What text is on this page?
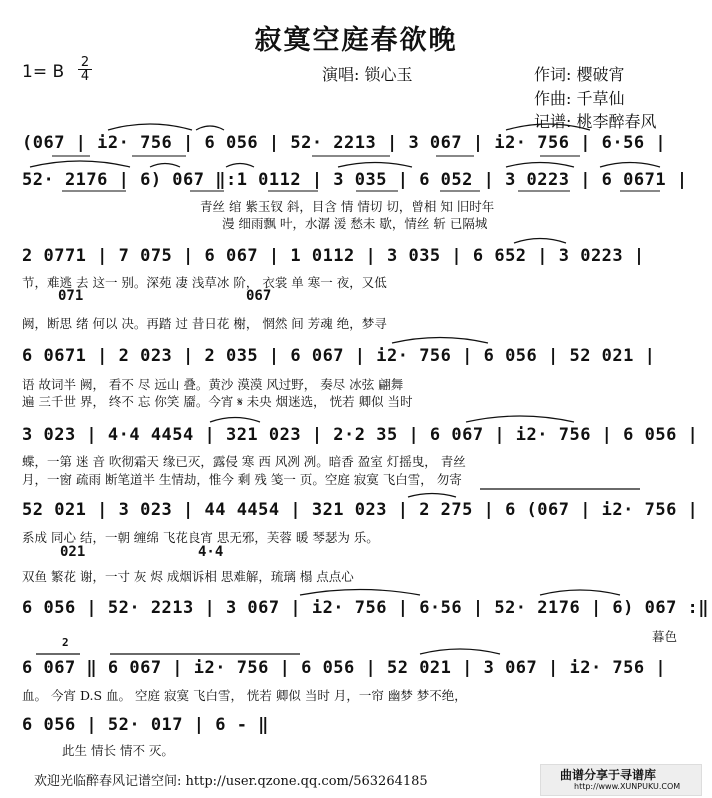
寂寞空庭春欲晚
1= B 2
4	演唱: 锁心玉	作词: 樱破宵
作曲: 千草仙
记谱: 桃李醉春风
(067 | i2· 756 | 6 056 | 52· 2213 | 3 067 | i2· 756 | 6·56 |
52· 2176 | 6) 067 ‖:1 0112 | 3 035 | 6 052 | 3 0223 | 6 0671 |
青丝 绾 紫玉钗 斜，目含 情 情切 切，曾相 知 旧时年
漫 细雨飘 叶，水潺 湲 愁未 歇，情丝 斩 已隔城
2 0771 | 7 075 | 6 067 | 1 0112 | 3 035 | 6 652 | 3 0223 |
节，难逃 去 这一 别。深苑 凄 浅草冰 阶， 衣裳 单 寒一 夜，又低
071	067
阙，断思 绪 何以 决。再踏 过 昔日花 榭， 惘然 间 芳魂 绝，梦寻
6 0671 | 2 023 | 2 035 | 6 067 | i2· 756 | 6 056 | 52 021 |
语 故词半 阙， 看不 尽 远山 叠。黄沙 漠漠 风过野， 奏尽 冰弦 翩舞
遍 三千世 界， 终不 忘 你笑 靥。今宵 𝄋 未央 烟迷选， 恍若 卿似 当时
3 023 | 4·4 4454 | 321 023 | 2·2 35 | 6 067 | i2· 756 | 6 056 |
蝶，一第 迷 音 吹彻霜天 缘已灭，露侵 寒 西 风冽 冽。暗香 盈室 灯摇曳， 青丝
月，一窗 疏雨 断笔道半 生情劫，惟今 剩 残 笺一 页。空庭 寂寞 飞白雪， 勿寄
52 021 | 3 023 | 44 4454 | 321 023 | 2 275 | 6 (067 | i2· 756 |
系成 同心 结，一朝 缠绵 飞花良宵 思无邪，芙蓉 暖 琴瑟为 乐。
021	4·4
双鱼 繁花 谢，一寸 灰 烬 成烟诉相 思难解，琉璃 榻 点点心
6 056 | 52· 2213 | 3 067 | i2· 756 | 6·56 | 52· 2176 | 6) 067 :‖
暮色
2
6 067 ‖ 6 067 | i2· 756 | 6 056 | 52 021 | 3 067 | i2· 756 |
血。 今宵 D.S 血。 空庭 寂寞 飞白雪， 恍若 卿似 当时 月，一帘 幽梦 梦不绝，
6 056 | 52· 017 | 6 - ‖
此生 情长 情不 灭。
欢迎光临醉春风记谱空间: http://user.qzone.qq.com/563264185	曲谱分享于寻谱库
http://www.XUNPUKU.COM
